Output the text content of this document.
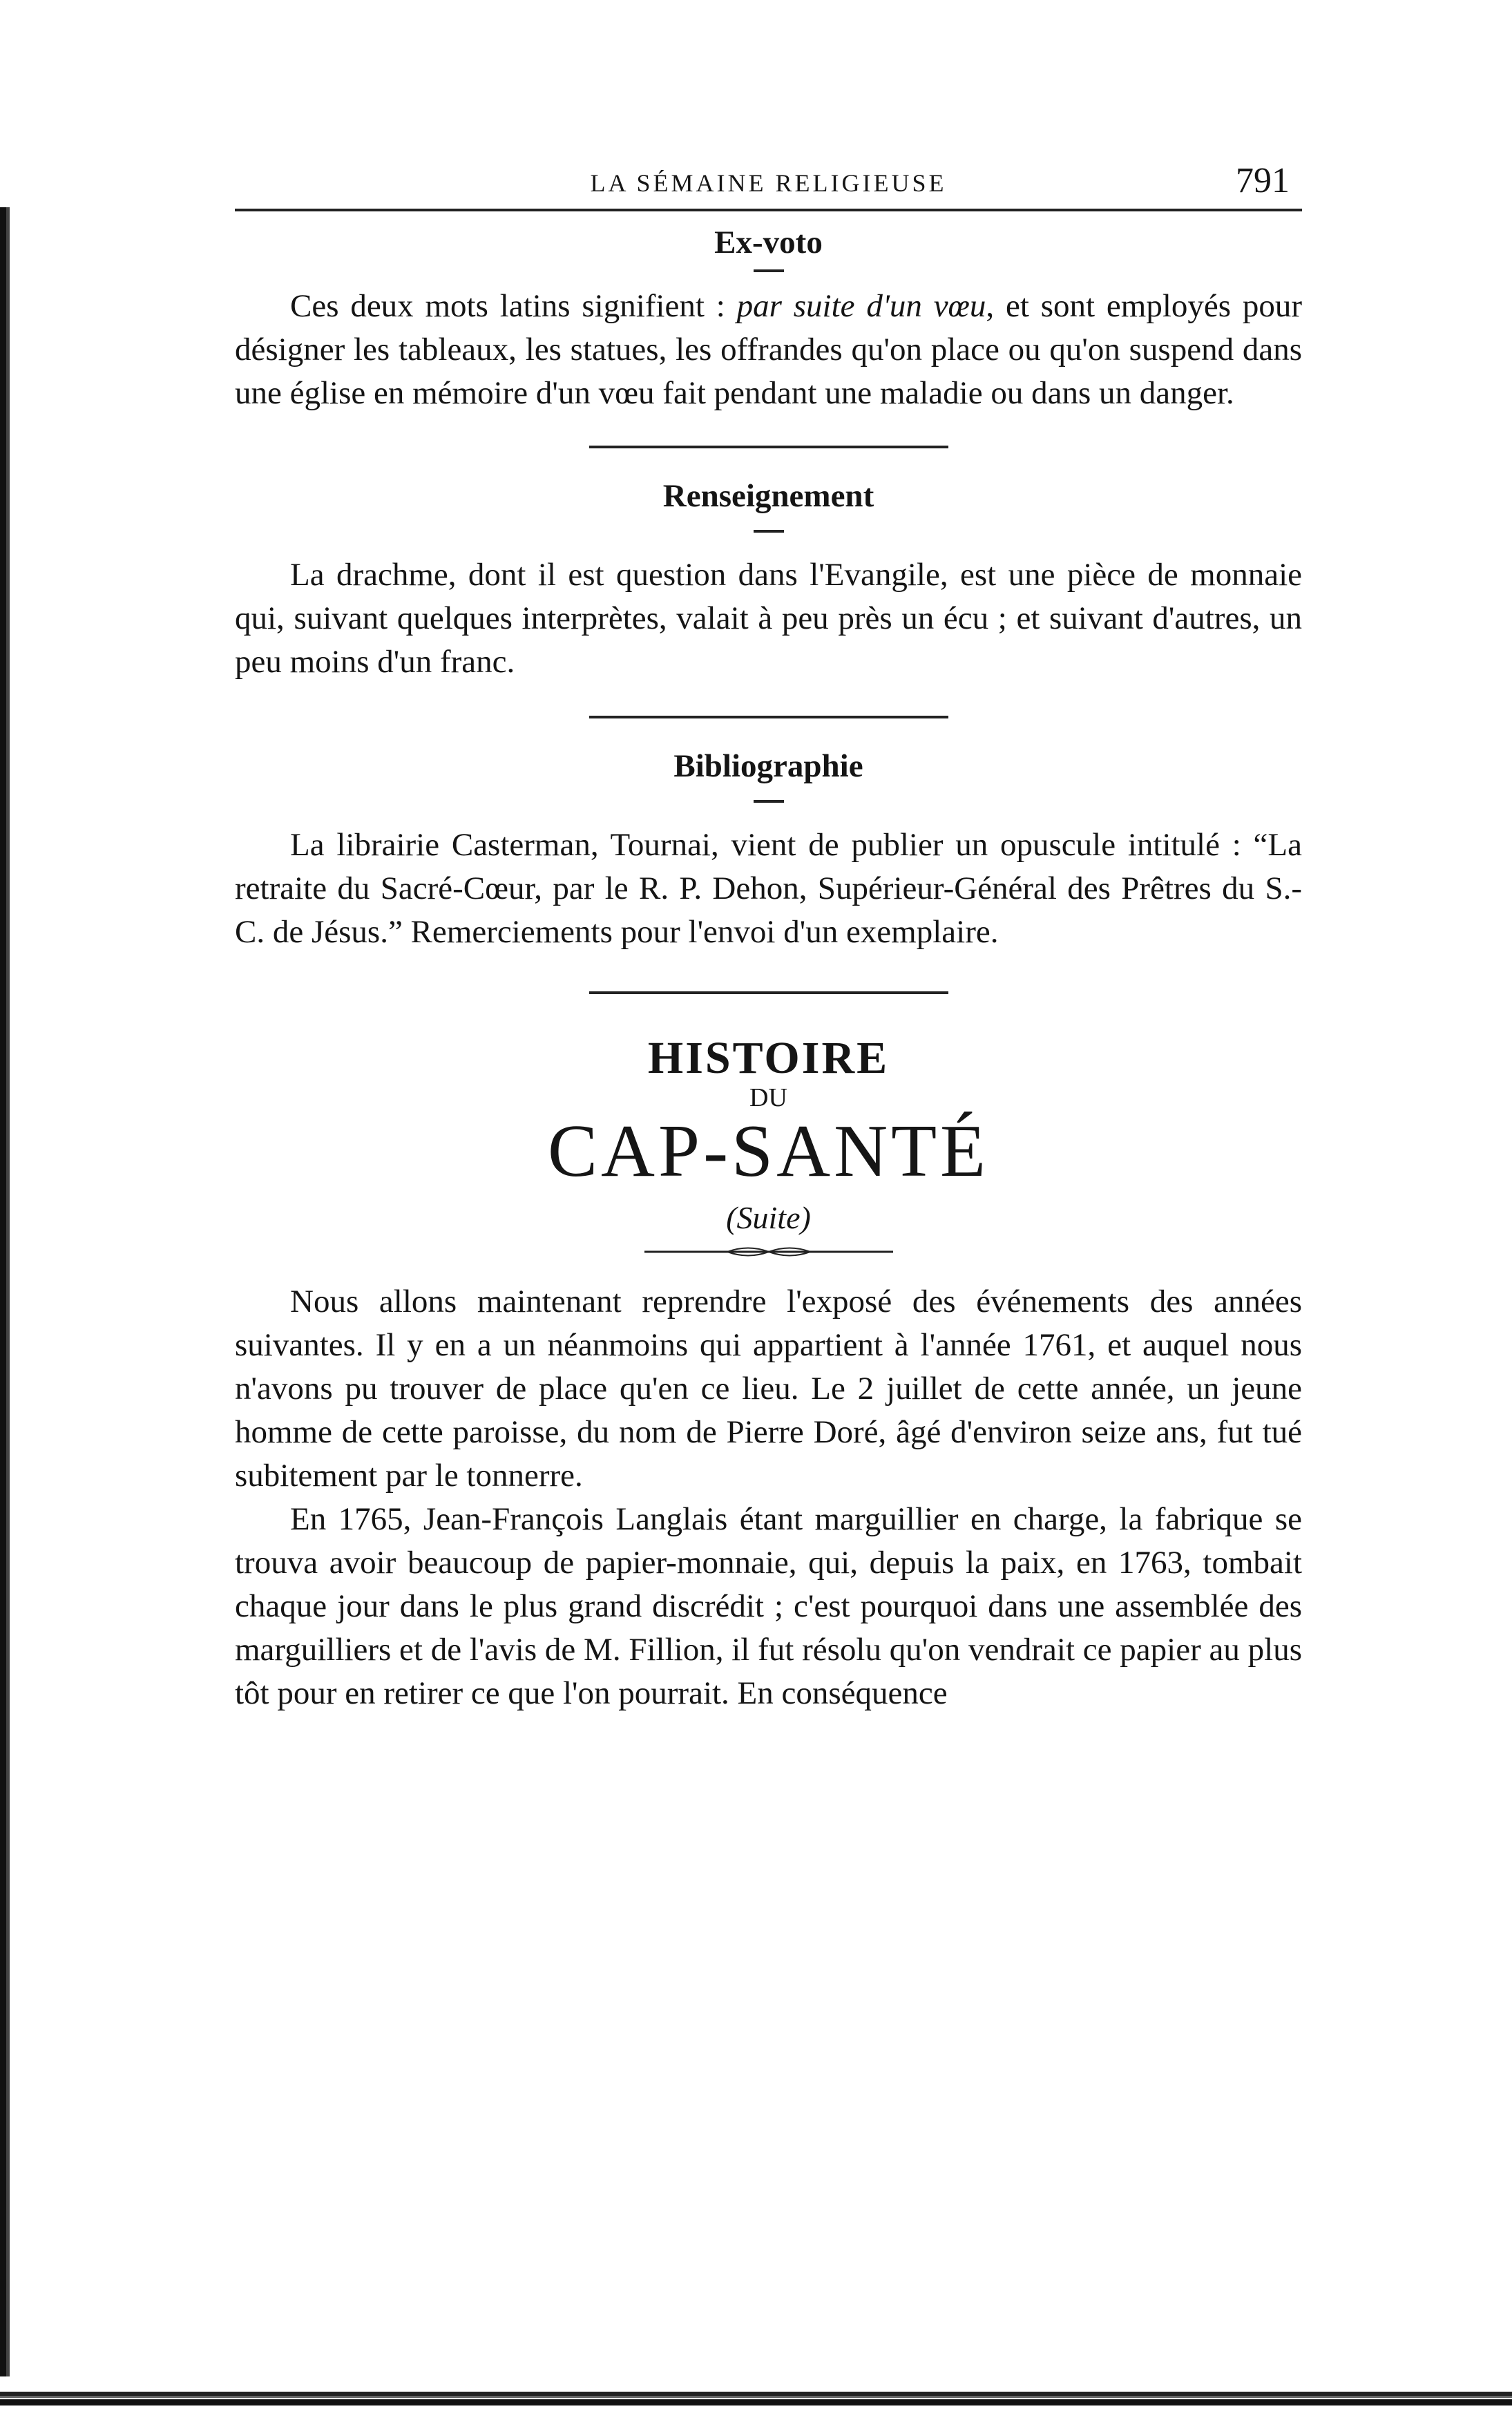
LA SÉMAINE RELIGIEUSE	791
Ex-voto

Ces deux mots latins signifient : par suite d'un vœu, et sont employés pour désigner les tableaux, les statues, les offrandes qu'on place ou qu'on suspend dans une église en mémoire d'un vœu fait pendant une maladie ou dans un danger.

Renseignement

La drachme, dont il est question dans l'Evangile, est une pièce de monnaie qui, suivant quelques interprètes, valait à peu près un écu ; et suivant d'autres, un peu moins d'un franc.

Bibliographie

La librairie Casterman, Tournai, vient de publier un opuscule intitulé : “La retraite du Sacré-Cœur, par le R. P. Dehon, Supérieur-Général des Prêtres du S.-C. de Jésus.” Remerciements pour l'envoi d'un exemplaire.

HISTOIRE

DU

CAP-SANTÉ

(Suite)

Nous allons maintenant reprendre l'exposé des événements des années suivantes. Il y en a un néanmoins qui appartient à l'année 1761, et auquel nous n'avons pu trouver de place qu'en ce lieu. Le 2 juillet de cette année, un jeune homme de cette paroisse, du nom de Pierre Doré, âgé d'environ seize ans, fut tué subitement par le tonnerre.

En 1765, Jean-François Langlais étant marguillier en charge, la fabrique se trouva avoir beaucoup de papier-monnaie, qui, depuis la paix, en 1763, tombait chaque jour dans le plus grand discrédit ; c'est pourquoi dans une assemblée des marguilliers et de l'avis de M. Fillion, il fut résolu qu'on vendrait ce papier au plus tôt pour en retirer ce que l'on pourrait. En conséquence
